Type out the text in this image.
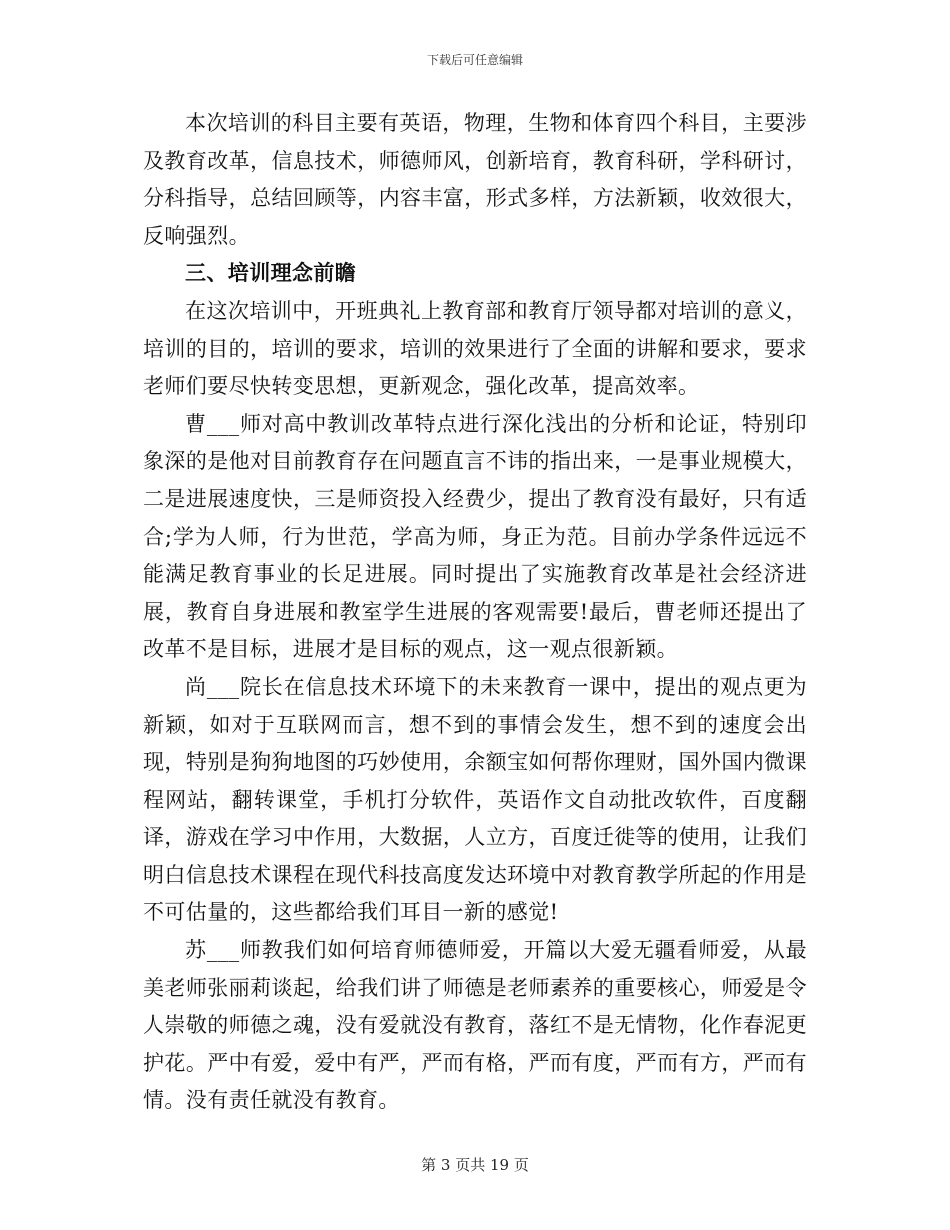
下载后可任意编辑

本次培训的科目主要有英语，物理，生物和体育四个科目，主要涉及教育改革，信息技术，师德师风，创新培育，教育科研，学科研讨，分科指导，总结回顾等，内容丰富，形式多样，方法新颖，收效很大，反响强烈。

三、培训理念前瞻

在这次培训中，开班典礼上教育部和教育厅领导都对培训的意义，培训的目的，培训的要求，培训的效果进行了全面的讲解和要求，要求老师们要尽快转变思想，更新观念，强化改革，提高效率。

曹___师对高中教训改革特点进行深化浅出的分析和论证，特别印象深的是他对目前教育存在问题直言不讳的指出来，一是事业规模大，二是进展速度快，三是师资投入经费少，提出了教育没有最好，只有适合;学为人师，行为世范，学高为师，身正为范。目前办学条件远远不能满足教育事业的长足进展。同时提出了实施教育改革是社会经济进展，教育自身进展和教室学生进展的客观需要!最后，曹老师还提出了改革不是目标，进展才是目标的观点，这一观点很新颖。

尚___院长在信息技术环境下的未来教育一课中，提出的观点更为新颖，如对于互联网而言，想不到的事情会发生，想不到的速度会出现，特别是狗狗地图的巧妙使用，余额宝如何帮你理财，国外国内微课程网站，翻转课堂，手机打分软件，英语作文自动批改软件，百度翻译，游戏在学习中作用，大数据，人立方，百度迁徙等的使用，让我们明白信息技术课程在现代科技高度发达环境中对教育教学所起的作用是不可估量的，这些都给我们耳目一新的感觉!

苏___师教我们如何培育师德师爱，开篇以大爱无疆看师爱，从最美老师张丽莉谈起，给我们讲了师德是老师素养的重要核心，师爱是令人崇敬的师德之魂，没有爱就没有教育，落红不是无情物，化作春泥更护花。严中有爱，爱中有严，严而有格，严而有度，严而有方，严而有情。没有责任就没有教育。

第 3 页共 19 页
